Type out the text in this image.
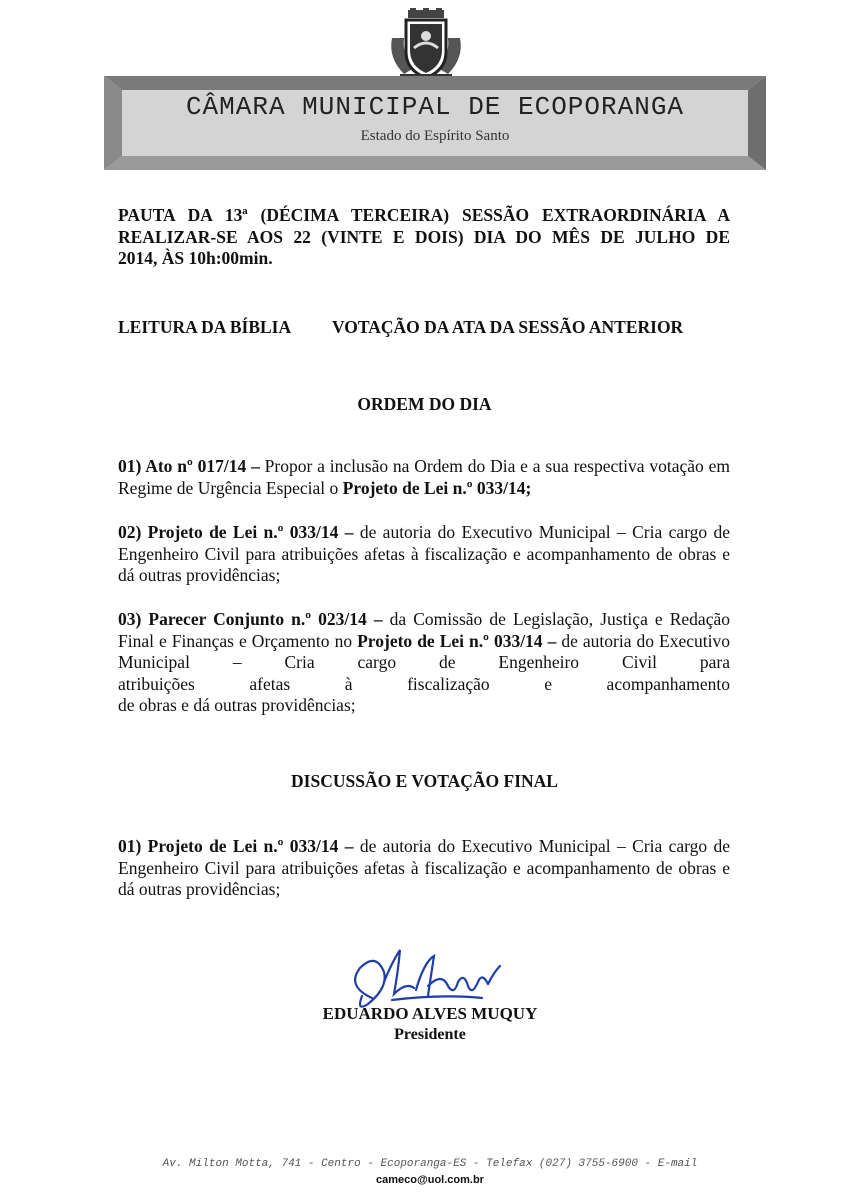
CÂMARA MUNICIPAL DE ECOPORANGA
Estado do Espírito Santo
PAUTA DA 13ª (DÉCIMA TERCEIRA) SESSÃO EXTRAORDINÁRIA A
REALIZAR-SE AOS 22 (VINTE E DOIS) DIA DO MÊS DE JULHO DE
2014, ÀS 10h:00min.
LEITURA DA BÍBLIA VOTAÇÃO DA ATA DA SESSÃO ANTERIOR
ORDEM DO DIA
01) Ato nº 017/14 – Propor a inclusão na Ordem do Dia e a sua respectiva votação em Regime de Urgência Especial o Projeto de Lei n.º 033/14;
02) Projeto de Lei n.º 033/14 – de autoria do Executivo Municipal – Cria cargo de Engenheiro Civil para atribuições afetas à fiscalização e acompanhamento de obras e dá outras providências;
03) Parecer Conjunto n.º 023/14 – da Comissão de Legislação, Justiça e Redação Final e Finanças e Orçamento no Projeto de Lei n.º 033/14 – de autoria do Executivo Municipal – Cria cargo de Engenheiro Civil para
atribuições	afetas	à	fiscalização	e	acompanhamento
de obras e dá outras providências;
DISCUSSÃO E VOTAÇÃO FINAL
01) Projeto de Lei n.º 033/14 – de autoria do Executivo Municipal – Cria cargo de Engenheiro Civil para atribuições afetas à fiscalização e acompanhamento de obras e dá outras providências;
EDUARDO ALVES MUQUY
Presidente
Av. Milton Motta, 741 - Centro - Ecoporanga-ES - Telefax (027) 3755-6900 - E-mail
cameco@uol.com.br
